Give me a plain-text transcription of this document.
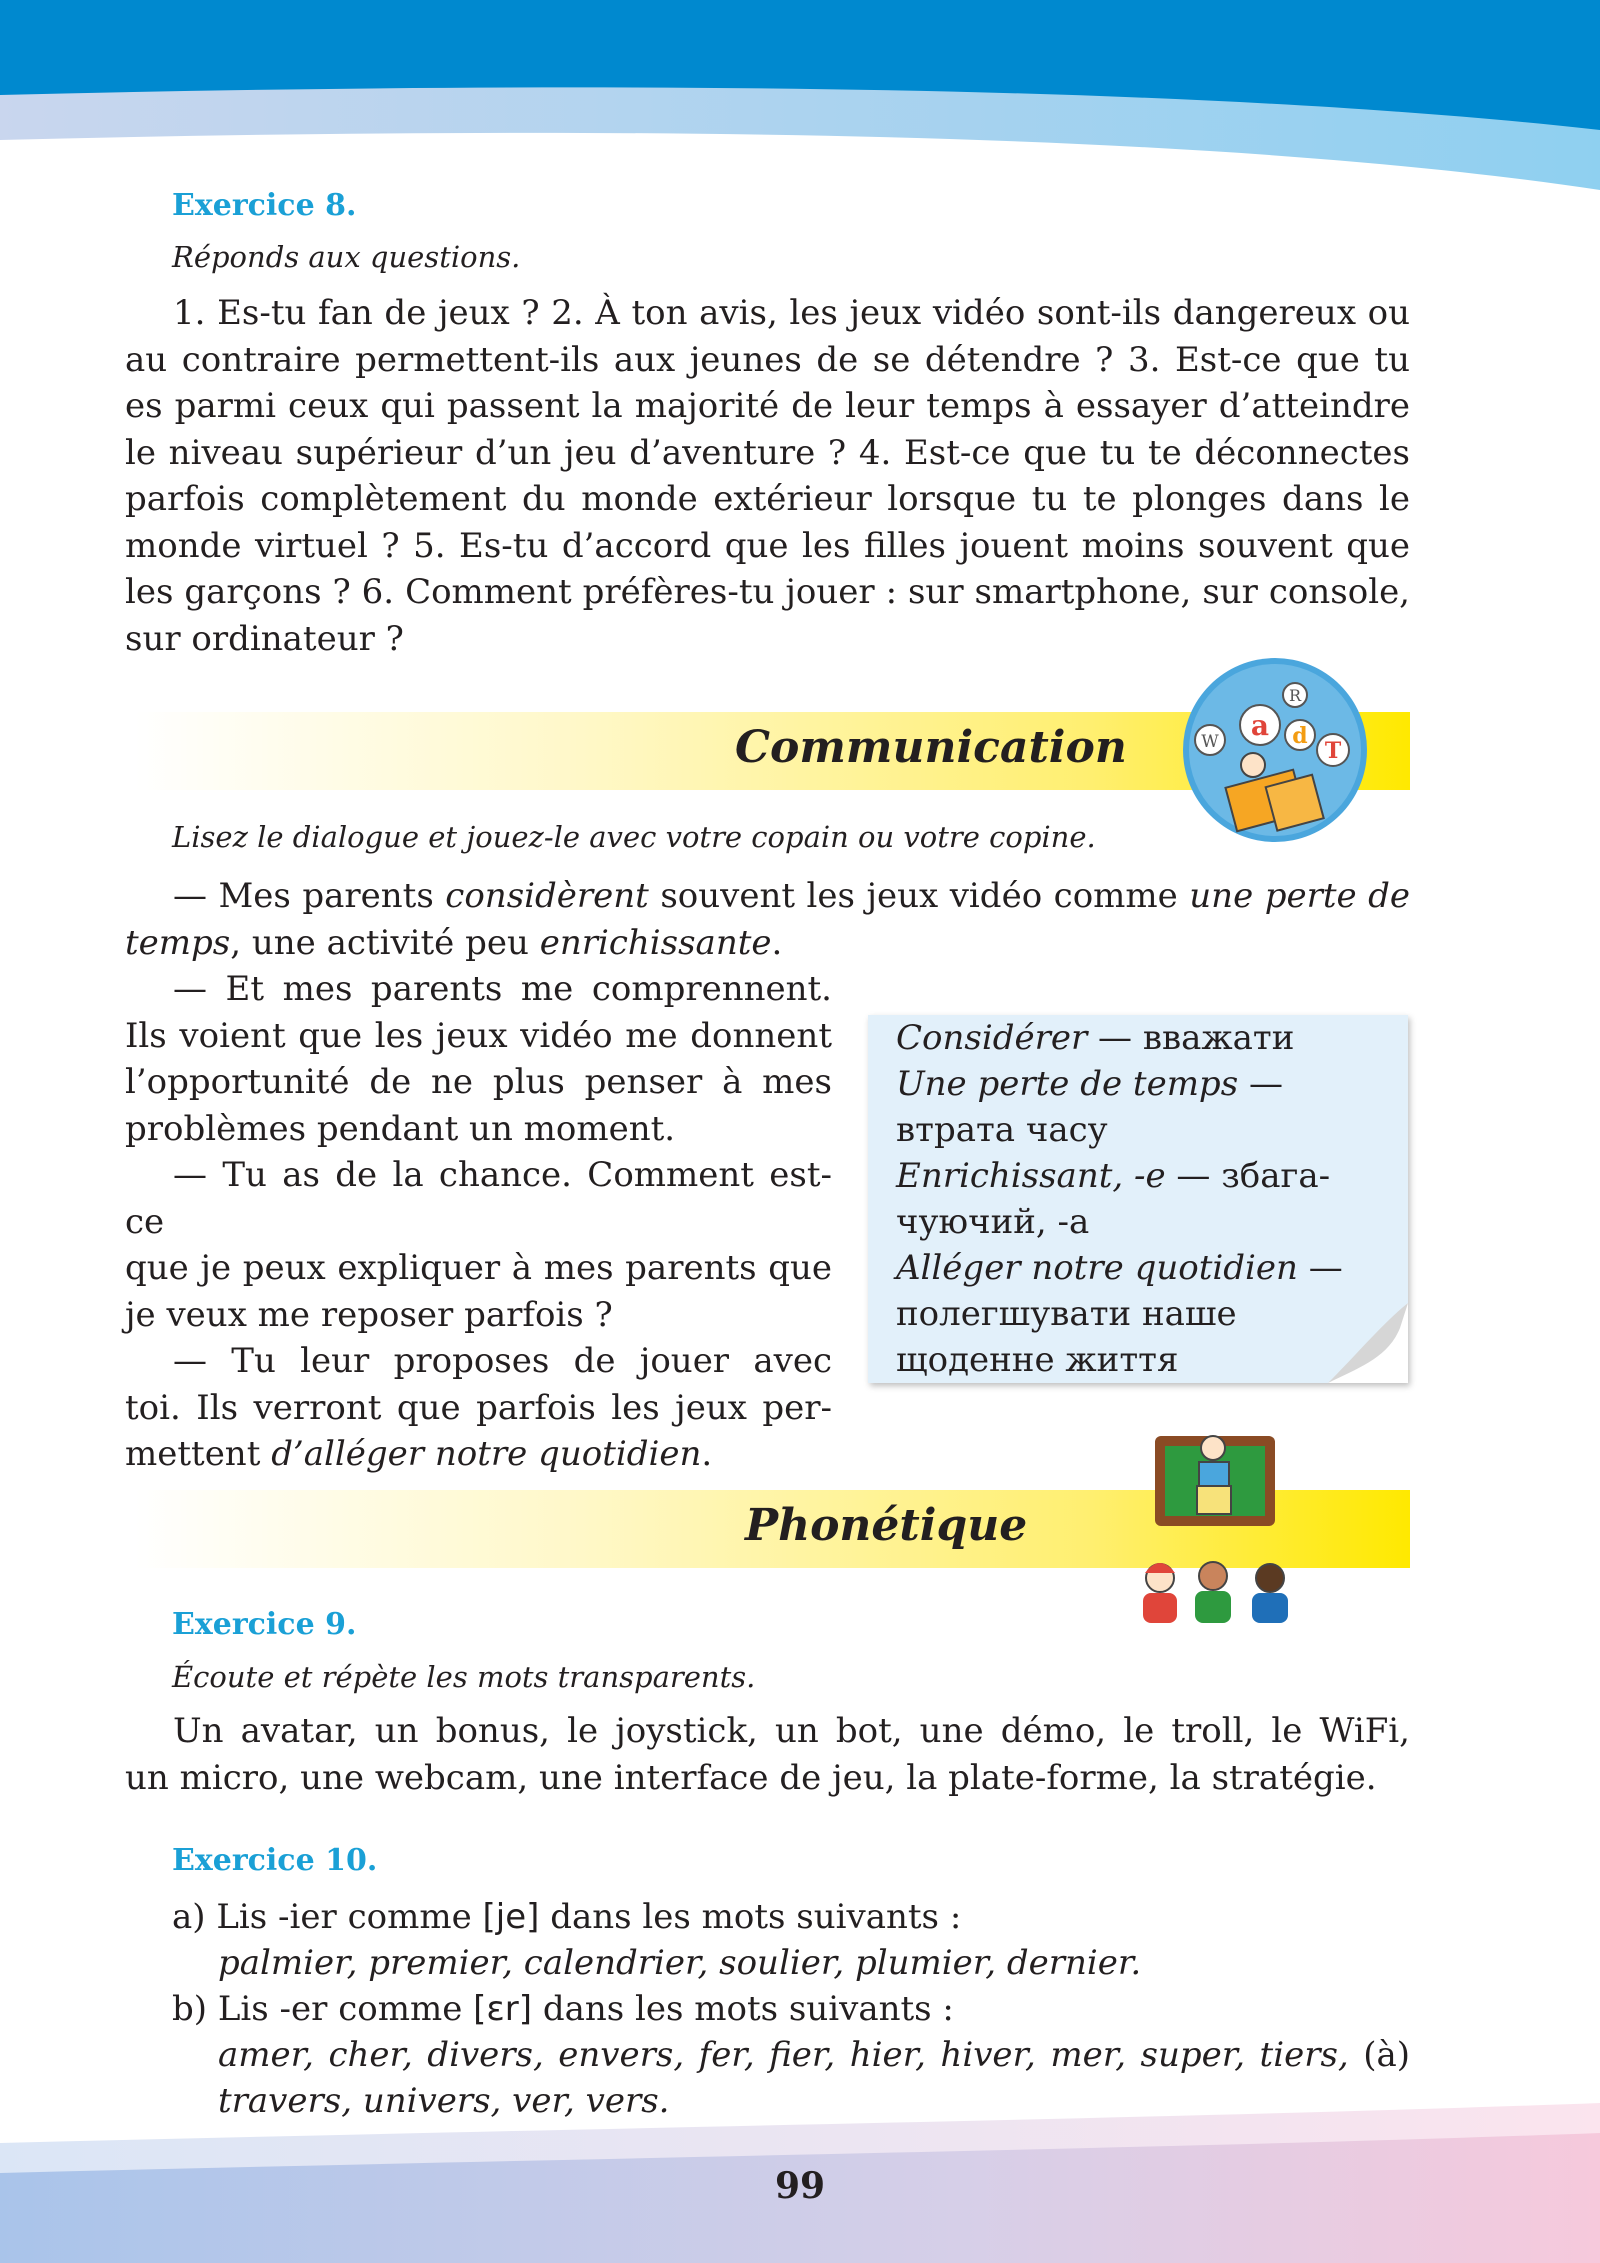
Exercice 8.

Réponds aux questions.

1. Es-tu fan de jeux ? 2. À ton avis, les jeux vidéo sont-ils dangereux ou
au contraire permettent-ils aux jeunes de se détendre ? 3. Est-ce que tu
es parmi ceux qui passent la majorité de leur temps à essayer d’atteindre
le niveau supérieur d’un jeu d’aventure ? 4. Est-ce que tu te déconnectes
parfois complètement du monde extérieur lorsque tu te plonges dans le
monde virtuel ? 5. Es-tu d’accord que les filles jouent moins souvent que
les garçons ? 6. Comment préfères-tu jouer : sur smartphone, sur console,
sur ordinateur ?
Communication	a
R
d
W	T

Lisez le dialogue et jouez-le avec votre copain ou votre copine.

— Mes parents considèrent souvent les jeux vidéo comme une perte de
temps, une activité peu enrichissante.
— Et mes parents me comprennent.
Ils voient que les jeux vidéo me donnent
l’opportunité de ne plus penser à mes
problèmes pendant un moment.
— Tu as de la chance. Comment est-ce
que je peux expliquer à mes parents que
je veux me reposer parfois ?
— Tu leur proposes de jouer avec
toi. Ils verront que parfois les jeux per-
mettent d’alléger notre quotidien.

Considérer — вважати

Une perte de temps —

втрата часу

Enrichissant, -e — збага-

чуючий, -а

Alléger notre quotidien —

полегшувати наше

щоденне життя

Phonétique
Exercice 9.

Écoute et répète les mots transparents.

Un avatar, un bonus, le joystick, un bot, une démo, le troll, le WiFi,
un micro, une webcam, une interface de jeu, la plate-forme, la stratégie.
Exercice 10.

a) Lis -ier comme [je] dans les mots suivants :

palmier, premier, calendrier, soulier, plumier, dernier.

b) Lis -er comme [ɛr] dans les mots suivants :

amer, cher, divers, envers, fer, fier, hier, hiver, mer, super, tiers, (à)

travers, univers, ver, vers.

99
